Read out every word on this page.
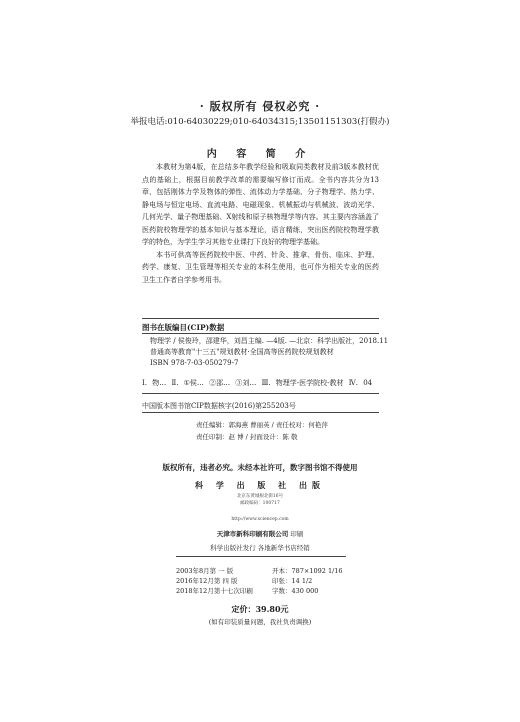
· 版权所有 侵权必究 ·
举报电话:010-64030229;010-64034315;13501151303(打假办)
内 容 简 介

本教材为第4版，在总结多年教学经验和吸取同类教材及前3版本教材优点的基础上，根据目前教学改革的需要编写修订而成。全书内容共分为13章，包括刚体力学及物体的弹性、流体动力学基础、分子物理学、热力学、静电场与恒定电场、直流电路、电磁现象、机械振动与机械波、波动光学、几何光学、量子物理基础、X射线和原子核物理学等内容。其主要内容涵盖了医药院校物理学的基本知识与基本理论，语言精练，突出医药院校物理学教学的特色，为学生学习其他专业课打下良好的物理学基础。

本书可供高等医药院校中医、中药、针灸、推拿、骨伤、临床、护理、药学、康复、卫生管理等相关专业的本科生使用，也可作为相关专业的医药卫生工作者自学参考用书。

图书在版编目(CIP)数据
物理学 / 侯俊玲，邵建华，刘昌主编. —4版. —北京：科学出版社，2018.11
普通高等教育"十三五"规划教材·全国高等医药院校规划教材
ISBN 978-7-03-050279-7
Ⅰ. 物… Ⅱ. ①侯… ②邵… ③刘… Ⅲ. 物理学-医学院校-教材 Ⅳ. 04
中国版本图书馆CIP数据核字(2016)第255203号
责任编辑：郭海燕 曹丽英 / 责任校对：何艳萍
责任印制：赵 博 / 封面设计：陈 敬
版权所有，违者必究。未经本社许可，数字图书馆不得使用
科 学 出 版 社 出版
北京东黄城根北街16号
邮政编码：100717
http://www.sciencep.com
天津市新科印刷有限公司 印刷
科学出版社发行 各地新华书店经销
2003年8月第 一 版	开本：787×1092 1/16
2016年12月第 四 版	印张：14 1/2
2018年12月第十七次印刷	字数：430 000
定价：39.80元
(如有印装质量问题，我社负责调换)
